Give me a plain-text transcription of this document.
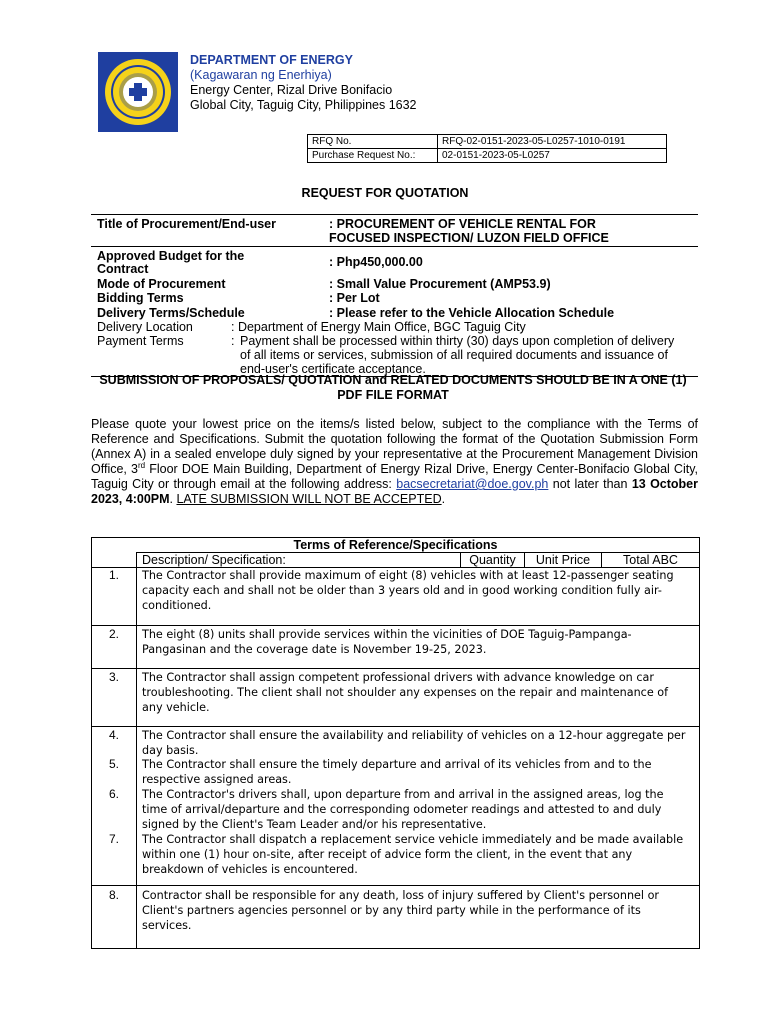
DEPARTMENT OF ENERGY
(Kagawaran ng Enerhiya)
Energy Center, Rizal Drive Bonifacio
Global City, Taguig City, Philippines 1632
RFQ No.	RFQ-02-0151-2023-05-L0257-1010-0191
Purchase Request No.:	02-0151-2023-05-L0257
REQUEST FOR QUOTATION
Title of Procurement/End-user	: PROCUREMENT OF VEHICLE RENTAL FOR
FOCUSED INSPECTION/ LUZON FIELD OFFICE
Approved Budget for the
Contract	: Php450,000.00
Mode of Procurement	: Small Value Procurement (AMP53.9)
Bidding Terms	: Per Lot
Delivery Terms/Schedule	: Please refer to the Vehicle Allocation Schedule
Delivery Location	: Department of Energy Main Office, BGC Taguig City
Payment Terms	: Payment shall be processed within thirty (30) days upon completion of delivery of all items or services, submission of all required documents and issuance of end-user's certificate acceptance.
SUBMISSION OF PROPOSALS/ QUOTATION and RELATED DOCUMENTS SHOULD BE IN A ONE (1) PDF FILE FORMAT
Please quote your lowest price on the items/s listed below, subject to the compliance with the Terms of Reference and Specifications. Submit the quotation following the format of the Quotation Submission Form (Annex A) in a sealed envelope duly signed by your representative at the Procurement Management Division Office, 3rd Floor DOE Main Building, Department of Energy Rizal Drive, Energy Center-Bonifacio Global City, Taguig City or through email at the following address: bacsecretariat@doe.gov.ph not later than 13 October 2023, 4:00PM. LATE SUBMISSION WILL NOT BE ACCEPTED.
Terms of Reference/Specifications
Description/ Specification:	Quantity	Unit Price	Total ABC
1.	The Contractor shall provide maximum of eight (8) vehicles with at least 12-passenger seating capacity each and shall not be older than 3 years old and in good working condition fully air-conditioned.
2.	The eight (8) units shall provide services within the vicinities of DOE Taguig-Pampanga-Pangasinan and the coverage date is November 19-25, 2023.
3.	The Contractor shall assign competent professional drivers with advance knowledge on car troubleshooting. The client shall not shoulder any expenses on the repair and maintenance of any vehicle.
4.	The Contractor shall ensure the availability and reliability of vehicles on a 12-hour aggregate per day basis.
5.	The Contractor shall ensure the timely departure and arrival of its vehicles from and to the respective assigned areas.
6.	The Contractor's drivers shall, upon departure from and arrival in the assigned areas, log the time of arrival/departure and the corresponding odometer readings and attested to and duly signed by the Client's Team Leader and/or his representative.
7.	The Contractor shall dispatch a replacement service vehicle immediately and be made available within one (1) hour on-site, after receipt of advice form the client, in the event that any breakdown of vehicles is encountered.
8.	Contractor shall be responsible for any death, loss of injury suffered by Client's personnel or Client's partners agencies personnel or by any third party while in the performance of its services.
